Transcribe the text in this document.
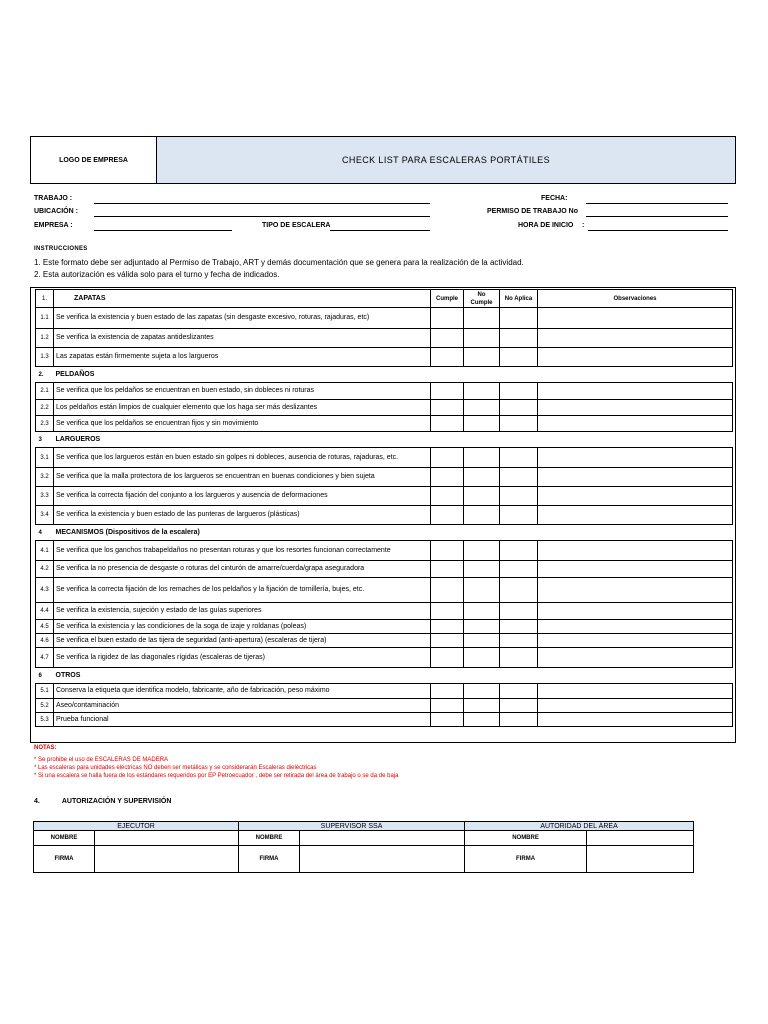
LOGO DE EMPRESA	CHECK LIST PARA ESCALERAS PORTÁTILES
TRABAJO :
UBICACIÓN :
EMPRESA :	TIPO DE ESCALERA
FECHA:
PERMISO DE TRABAJO No
HORA DE INICIO :
INSTRUCCIONES
1. Este formato debe ser adjuntado al Permiso de Trabajo, ART y demás documentación que se genera para la realización de la actividad.
2. Esta autorización es válida solo para el turno y fecha de indicados.
1.	ZAPATAS	Cumple	No Cumple	No Aplica	Observaciones
1.1	Se verifica la existencia y buen estado de las zapatas (sin desgaste excesivo, roturas, rajaduras, etc)				
1.2	Se verifica la existencia de zapatas antideslizantes				
1.3	Las zapatas están firmemente sujeta a los largueros				
2.	PELDAÑOS				
2.1	Se verifica que los peldaños se encuentran en buen estado, sin dobleces ni roturas				
2.2	Los peldaños están limpios de cualquier elemento que los haga ser más deslizantes				
2.3	Se verifica que los peldaños se encuentran fijos y sin movimiento				
3	LARGUEROS				
3.1	Se verifica que los largueros están en buen estado sin golpes ni dobleces, ausencia de roturas, rajaduras, etc.				
3.2	Se verifica que la malla protectora de los largueros se encuentran en buenas condiciones y bien sujeta				
3.3	Se verifica la correcta fijación del conjunto a los largueros y ausencia de deformaciones				
3.4	Se verifica la existencia y buen estado de las punteras de largueros (plásticas)				
4	MECANISMOS (Dispositivos de la escalera)				
4.1	Se verifica que los ganchos trabapeldaños no presentan roturas y que los resortes funcionan correctamente				
4.2	Se verifica la no presencia de desgaste o roturas del cinturón de amarre/cuerda/grapa aseguradora				
4.3	Se verifica la correcta fijación de los remaches de los peldaños y la fijación de tornillería, bujes, etc.				
4.4	Se verifica la existencia, sujeción y estado de las guías superiores				
4.5	Se verifica la existencia y las condiciones de la soga de izaje y roldanas (poleas)				
4.6	Se verifica el buen estado de las tijera de seguridad (anti-apertura) (escaleras de tijera)				
4.7	Se verifica la rigidez de las diagonales rígidas (escaleras de tijeras)				
6	OTROS				
5.1	Conserva la etiqueta que identifica modelo, fabricante, año de fabricación, peso máximo				
5.2	Aseo/contaminación				
5.3	Prueba funcional				
NOTAS:
* Se prohibe el uso de ESCALERAS DE MADERA
* Las escaleras para unidades eléctricas NO deben ser metálicas y se considerarán Escaleras dieléctricas
* Si una escalera se halla fuera de los estándares requeridos por EP Petroecuador , debe ser retirada del área de trabajo o se da de baja
4.	AUTORIZACIÓN Y SUPERVISIÓN
EJECUTOR		SUPERVISOR SSA		AUTORIDAD DEL ÁREA	
NOMBRE		NOMBRE		NOMBRE	
FIRMA		FIRMA		FIRMA	
